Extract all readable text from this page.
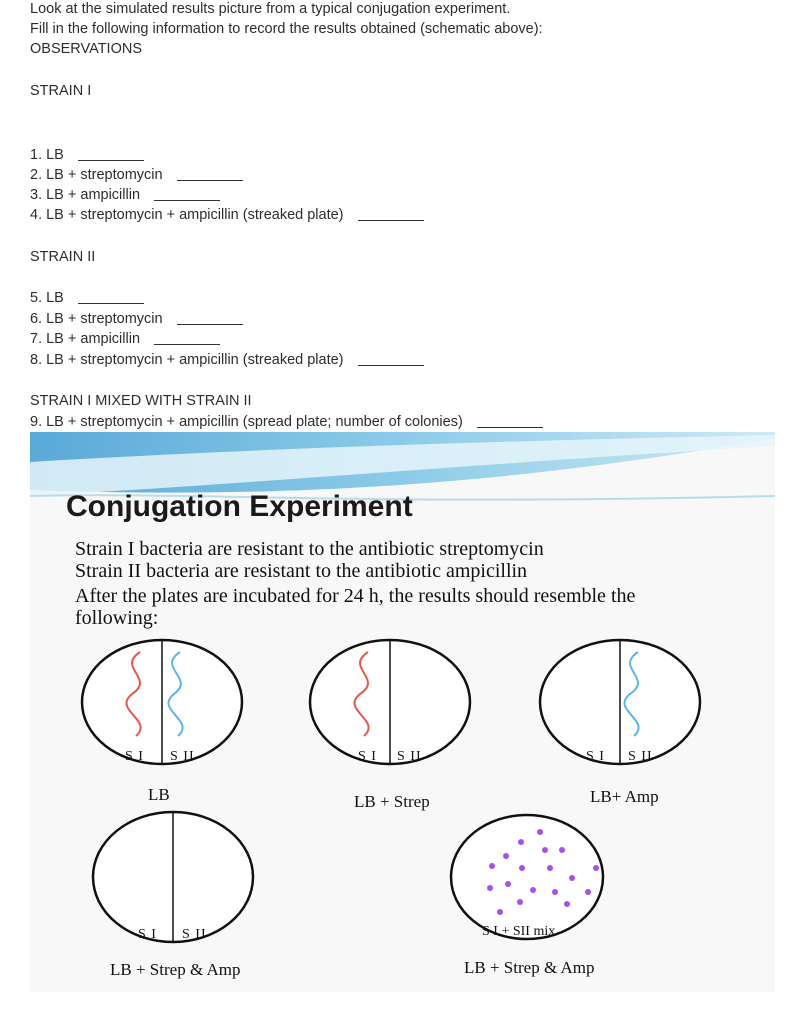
Look at the simulated results picture from a typical conjugation experiment.
Fill in the following information to record the results obtained (schematic above):
OBSERVATIONS
STRAIN I
1. LB
2. LB + streptomycin
3. LB + ampicillin
4. LB + streptomycin + ampicillin (streaked plate)
STRAIN II
5. LB
6. LB + streptomycin
7. LB + ampicillin
8. LB + streptomycin + ampicillin (streaked plate)
STRAIN I MIXED WITH STRAIN II
9. LB + streptomycin + ampicillin (spread plate; number of colonies)
S I S II	S I S II	S I S II
S I S II	S I + SII mix
Conjugation Experiment
Strain I bacteria are resistant to the antibiotic streptomycin
Strain II bacteria are resistant to the antibiotic ampicillin
After the plates are incubated for 24 h, the results should resemble the
following:
LB	LB + Strep	LB+ Amp
LB + Strep & Amp	LB + Strep & Amp
